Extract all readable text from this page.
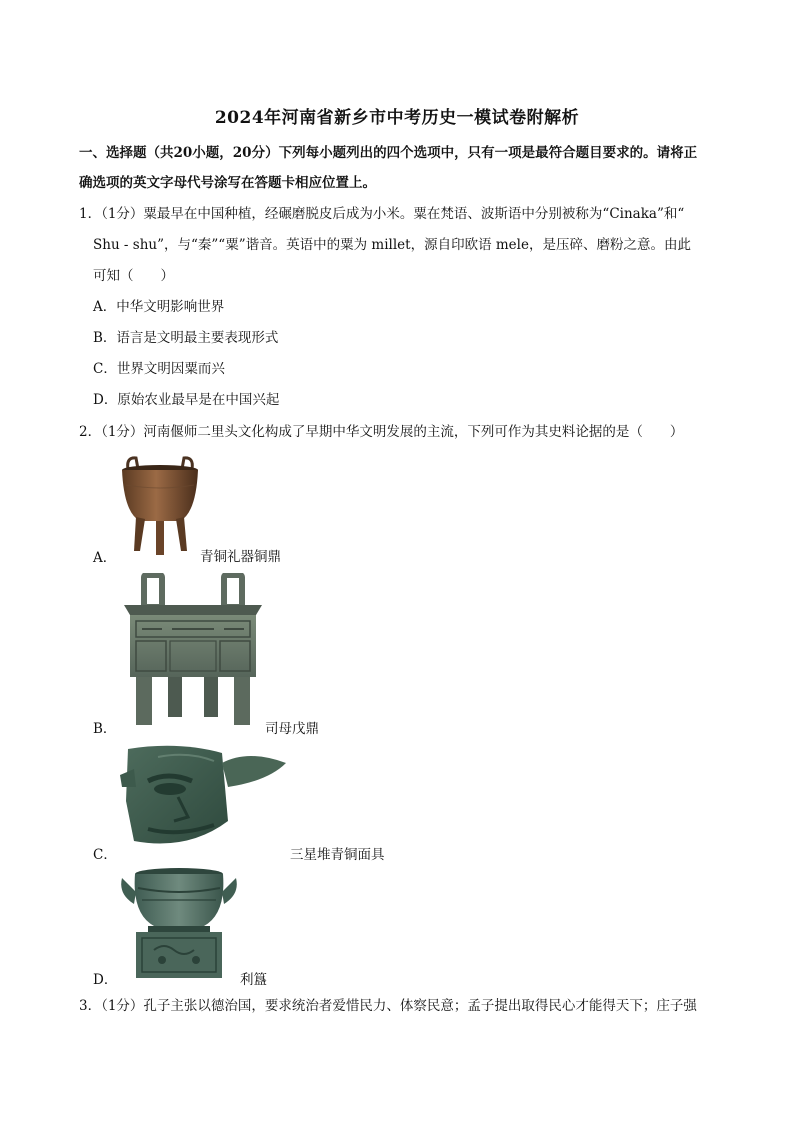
2024年河南省新乡市中考历史一模试卷附解析
一、选择题（共20小题，20分）下列每小题列出的四个选项中，只有一项是最符合题目要求的。请将正
确选项的英文字母代号涂写在答题卡相应位置上。
1．（1分）粟最早在中国种植，经碾磨脱皮后成为小米。粟在梵语、波斯语中分别被称为“Cinaka”和“
Shu - shu”，与“秦”“粟”谐音。英语中的粟为 millet，源自印欧语 mele，是压碎、磨粉之意。由此
可知（　　）
A．中华文明影响世界
B．语言是文明最主要表现形式
C．世界文明因粟而兴
D．原始农业最早是在中国兴起
2．（1分）河南偃师二里头文化构成了早期中华文明发展的主流，下列可作为其史料论据的是（　　）
A．	青铜礼器铜鼎
B．	司母戊鼎
C．	三星堆青铜面具
D．	利簋
3．（1分）孔子主张以德治国，要求统治者爱惜民力、体察民意；孟子提出取得民心才能得天下；庄子强
